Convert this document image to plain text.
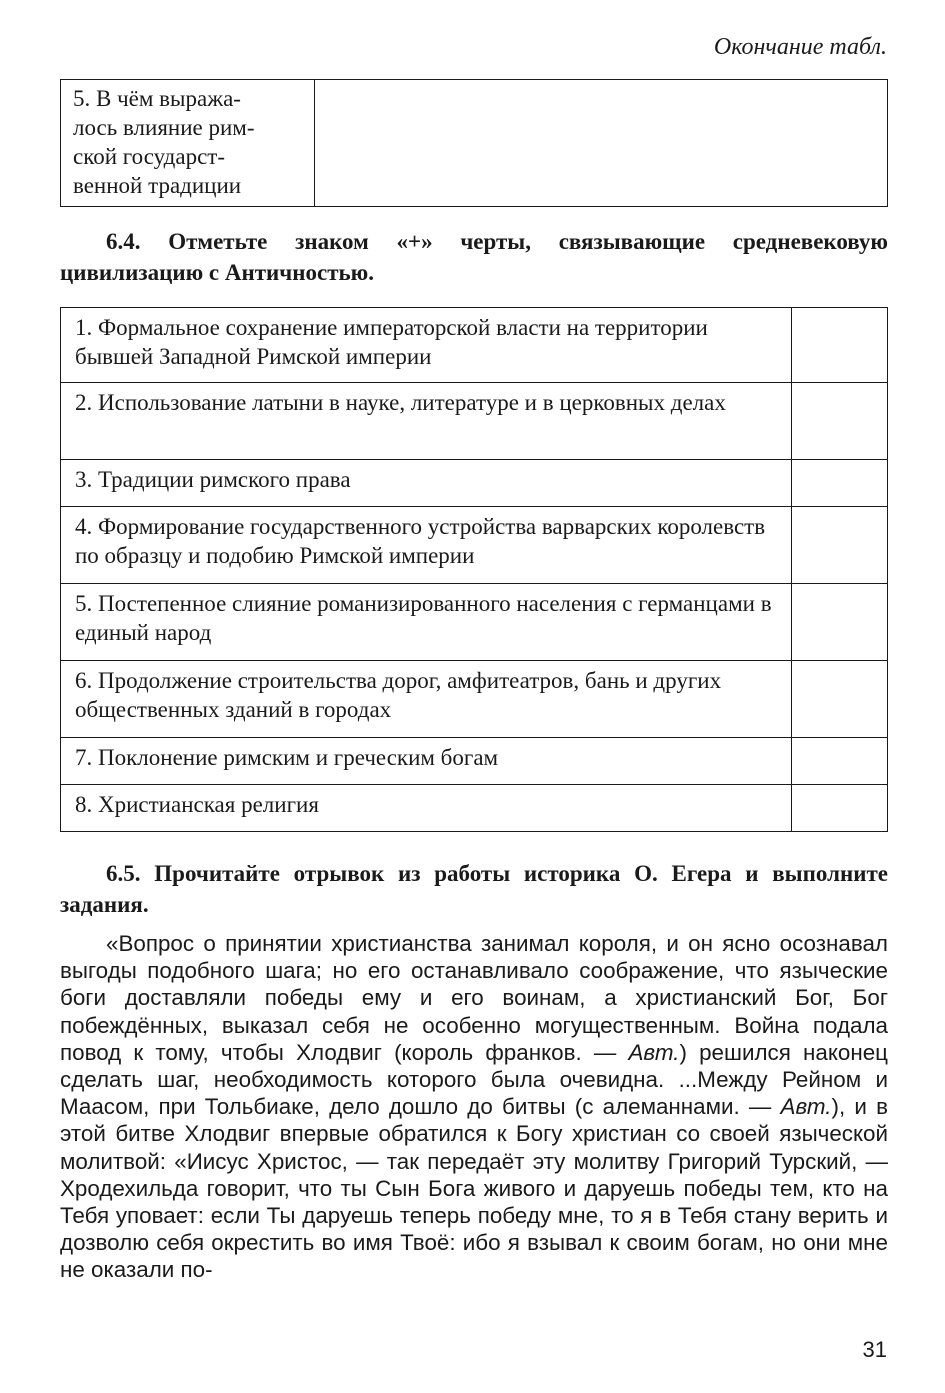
Окончание табл.
5. В чём выража-
лось влияние рим-
ской государст-
венной традиции	
6.4. Отметьте знаком «+» черты, связывающие средневековую цивилизацию с Античностью.
1. Формальное сохранение императорской власти на территории бывшей Западной Римской империи	
2. Использование латыни в науке, литературе и в церковных делах	
3. Традиции римского права	
4. Формирование государственного устройства варварских королевств по образцу и подобию Римской империи	
5. Постепенное слияние романизированного населения с германцами в единый народ	
6. Продолжение строительства дорог, амфитеатров, бань и других общественных зданий в городах	
7. Поклонение римским и греческим богам	
8. Христианская религия	
6.5. Прочитайте отрывок из работы историка О. Егера и выполните задания.

«Вопрос о принятии христианства занимал короля, и он ясно осознавал выгоды подобного шага; но его останавливало соображение, что языческие боги доставляли победы ему и его воинам, а христианский Бог, Бог побеждённых, выказал себя не особенно могущественным. Война подала повод к тому, чтобы Хлодвиг (король франков. — Авт.) решился наконец сделать шаг, необходимость которого была очевидна. ...Между Рейном и Маасом, при Тольбиаке, дело дошло до битвы (с алеманнами. — Авт.), и в этой битве Хлодвиг впервые обратился к Богу христиан со своей языческой молитвой: «Иисус Христос, — так передаёт эту молитву Григорий Турский, — Хродехильда говорит, что ты Сын Бога живого и даруешь победы тем, кто на Тебя уповает: если Ты даруешь теперь победу мне, то я в Тебя стану верить и дозволю себя окрестить во имя Твоё: ибо я взывал к своим богам, но они мне не оказали по-

31
